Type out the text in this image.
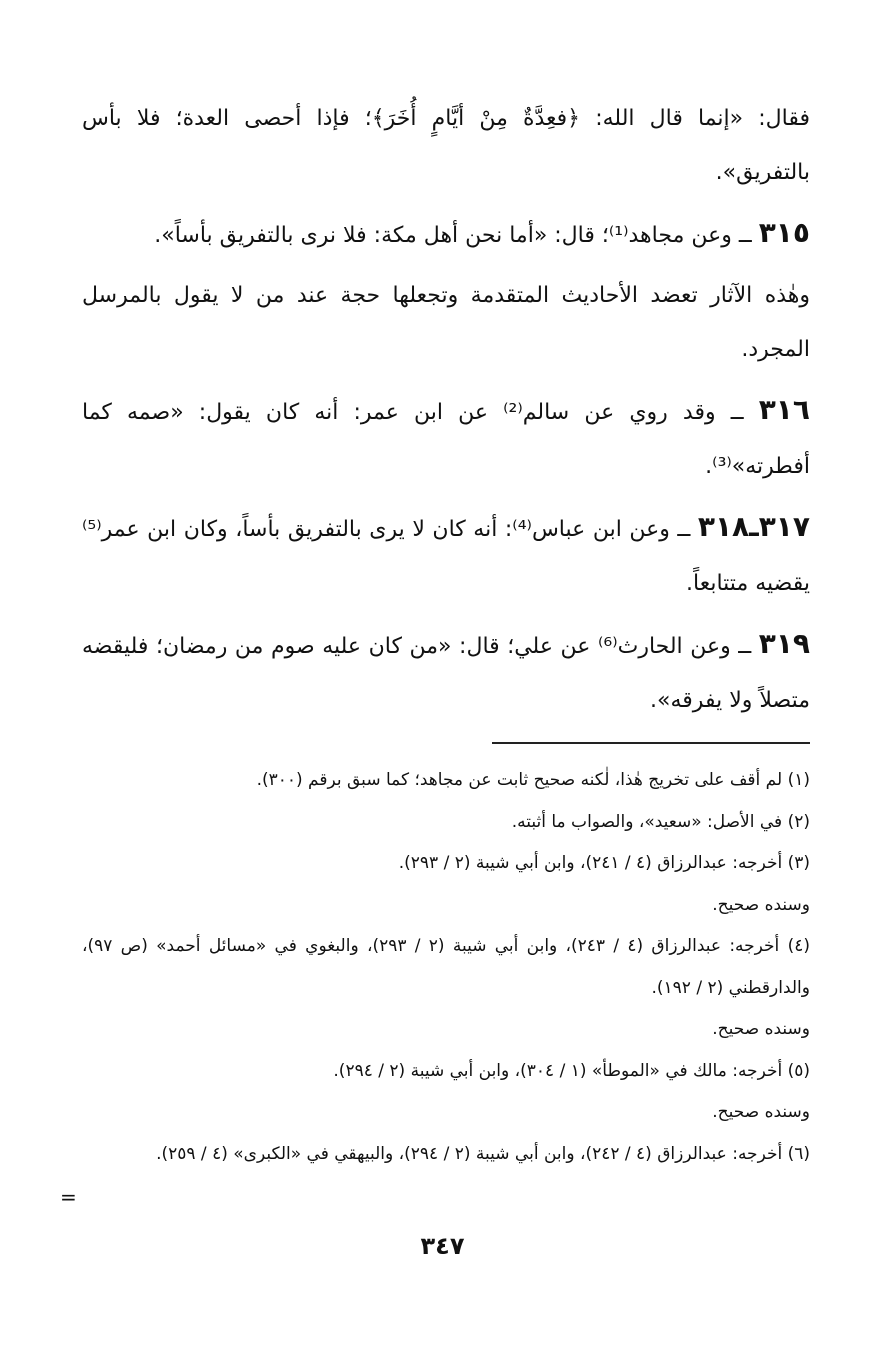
فقال: «إنما قال الله: ﴿فعِدَّةٌ مِنْ أيَّامٍ أُخَرَ﴾؛ فإذا أحصى العدة؛ فلا بأس بالتفريق».

٣١٥ ــ وعن مجاهد⁽¹⁾؛ قال: «أما نحن أهل مكة: فلا نرى بالتفريق بأساً».

وهٰذه الآثار تعضد الأحاديث المتقدمة وتجعلها حجة عند من لا يقول بالمرسل المجرد.

٣١٦ ــ وقد روي عن سالم⁽²⁾ عن ابن عمر: أنه كان يقول: «صمه كما أفطرته»⁽³⁾.

٣١٧ـ٣١٨ ــ وعن ابن عباس⁽⁴⁾: أنه كان لا يرى بالتفريق بأساً، وكان ابن عمر⁽⁵⁾ يقضيه متتابعاً.

٣١٩ ــ وعن الحارث⁽⁶⁾ عن علي؛ قال: «من كان عليه صوم من رمضان؛ فليقضه متصلاً ولا يفرقه».

(١) لم أقف على تخريج هٰذا، لٰكنه صحيح ثابت عن مجاهد؛ كما سبق برقم (٣٠٠).

(٢) في الأصل: «سعيد»، والصواب ما أثبته.

(٣) أخرجه: عبدالرزاق (٤ / ٢٤١)، وابن أبي شيبة (٢ / ٢٩٣).

وسنده صحيح.

(٤) أخرجه: عبدالرزاق (٤ / ٢٤٣)، وابن أبي شيبة (٢ / ٢٩٣)، والبغوي في «مسائل أحمد» (ص ٩٧)، والدارقطني (٢ / ١٩٢).

وسنده صحيح.

(٥) أخرجه: مالك في «الموطأ» (١ / ٣٠٤)، وابن أبي شيبة (٢ / ٢٩٤).

وسنده صحيح.

(٦) أخرجه: عبدالرزاق (٤ / ٢٤٢)، وابن أبي شيبة (٢ / ٢٩٤)، والبيهقي في «الكبرى» (٤ / ٢٥٩).

=
٣٤٧
